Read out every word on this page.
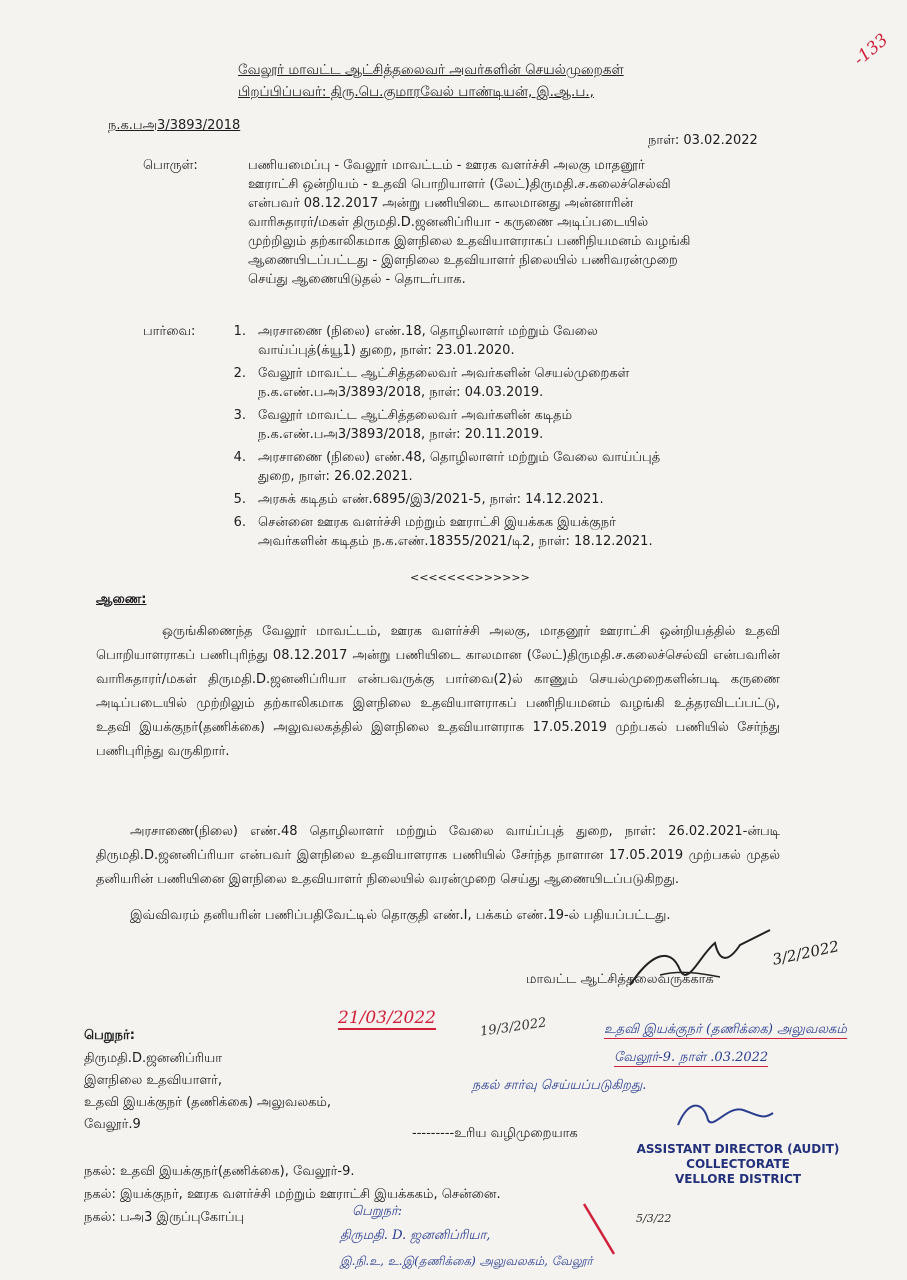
-133
வேலூர் மாவட்ட ஆட்சித்தலைவர் அவர்களின் செயல்முறைகள்
பிறப்பிப்பவர்: திரு.பெ.குமாரவேல் பாண்டியன், இ.ஆ.ப.,
ந.க.பஅ3/3893/2018
நாள்: 03.02.2022
பொருள்:	பணியமைப்பு - வேலூர் மாவட்டம் - ஊரக வளர்ச்சி அலகு மாதனூர்
ஊராட்சி ஒன்றியம் - உதவி பொறியாளர் (லேட்)திருமதி.ச.கலைச்செல்வி
என்பவர் 08.12.2017 அன்று பணியிடை காலமானது அன்னாரின்
வாரிசுதாரர்/மகள் திருமதி.D.ஜனனிப்ரியா - கருணை அடிப்படையில்
முற்றிலும் தற்காலிகமாக இளநிலை உதவியாளராகப் பணிநியமனம் வழங்கி
ஆணையிடப்பட்டது - இளநிலை உதவியாளர் நிலையில் பணிவரன்முறை
செய்து ஆணையிடுதல் - தொடர்பாக.
பார்வை:	1. அரசாணை (நிலை) எண்.18, தொழிலாளர் மற்றும் வேலை
வாய்ப்புத்(க்யூ1) துறை, நாள்: 23.01.2020.
2. வேலூர் மாவட்ட ஆட்சித்தலைவர் அவர்களின் செயல்முறைகள்
ந.க.எண்.பஅ3/3893/2018, நாள்: 04.03.2019.
3. வேலூர் மாவட்ட ஆட்சித்தலைவர் அவர்களின் கடிதம்
ந.க.எண்.பஅ3/3893/2018, நாள்: 20.11.2019.
4. அரசாணை (நிலை) எண்.48, தொழிலாளர் மற்றும் வேலை வாய்ப்புத்
துறை, நாள்: 26.02.2021.
5. அரசுக் கடிதம் எண்.6895/இ3/2021-5, நாள்: 14.12.2021.
6. சென்னை ஊரக வளர்ச்சி மற்றும் ஊராட்சி இயக்கக இயக்குநர்
அவர்களின் கடிதம் ந.க.எண்.18355/2021/டி2, நாள்: 18.12.2021.
<<<<<<<>>>>>>
ஆணை:
ஒருங்கிணைந்த வேலூர் மாவட்டம், ஊரக வளர்ச்சி அலகு, மாதனூர் ஊராட்சி ஒன்றியத்தில் உதவி பொறியாளராகப் பணிபுரிந்து 08.12.2017 அன்று பணியிடை காலமான (லேட்)திருமதி.ச.கலைச்செல்வி என்பவரின் வாரிசுதாரர்/மகள் திருமதி.D.ஜனனிப்ரியா என்பவருக்கு பார்வை(2)ல் காணும் செயல்முறைகளின்படி கருணை அடிப்படையில் முற்றிலும் தற்காலிகமாக இளநிலை உதவியாளராகப் பணிநியமனம் வழங்கி உத்தரவிடப்பட்டு, உதவி இயக்குநர்(தணிக்கை) அலுவலகத்தில் இளநிலை உதவியாளராக 17.05.2019 முற்பகல் பணியில் சேர்ந்து பணிபுரிந்து வருகிறார்.
அரசாணை(நிலை) எண்.48 தொழிலாளர் மற்றும் வேலை வாய்ப்புத் துறை, நாள்: 26.02.2021-ன்படி திருமதி.D.ஜனனிப்ரியா என்பவர் இளநிலை உதவியாளராக பணியில் சேர்ந்த நாளான 17.05.2019 முற்பகல் முதல் தனியரின் பணியினை இளநிலை உதவியாளர் நிலையில் வரன்முறை செய்து ஆணையிடப்படுகிறது.
இவ்விவரம் தனியரின் பணிப்பதிவேட்டில் தொகுதி எண்.I, பக்கம் எண்.19-ல் பதியப்பட்டது.
3/2/2022
மாவட்ட ஆட்சித்தலைவருக்காக
21/03/2022	19/3/2022	உதவி இயக்குநர் (தணிக்கை) அலுவலகம்
வேலூர்-9. நாள் .03.2022
நகல் சார்வு செய்யப்படுகிறது.
பெறுநர்:
திருமதி.D.ஜனனிப்ரியா
இளநிலை உதவியாளர்,
உதவி இயக்குநர் (தணிக்கை) அலுவலகம்,
வேலூர்.9
---------உரிய வழிமுறையாக
ASSISTANT DIRECTOR (AUDIT)
COLLECTORATE
VELLORE DISTRICT
நகல்: உதவி இயக்குநர்(தணிக்கை), வேலூர்-9.
நகல்: இயக்குநர், ஊரக வளர்ச்சி மற்றும் ஊராட்சி இயக்ககம், சென்னை.
நகல்: பஅ3 இருப்புகோப்பு	5/3/22
பெறுநர்:
திருமதி. D. ஜனனிப்ரியா,
இ.நி.உ, உ.இ(தணிக்கை) அலுவலகம், வேலூர்
